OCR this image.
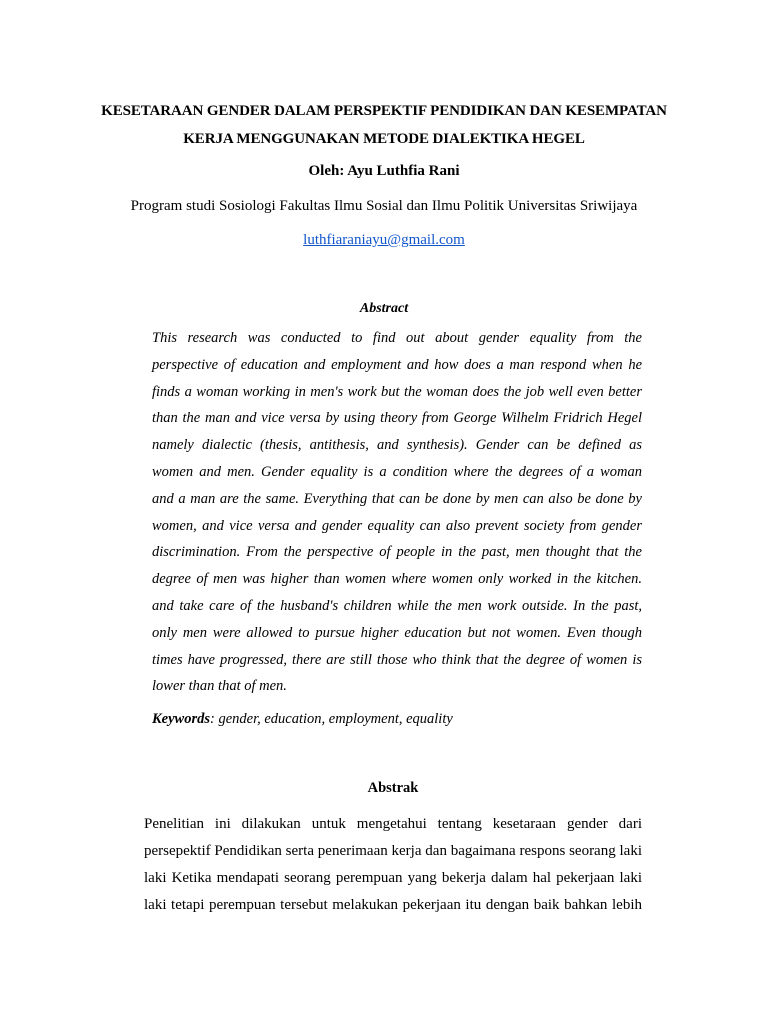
KESETARAAN GENDER DALAM PERSPEKTIF PENDIDIKAN DAN KESEMPATAN
KERJA MENGGUNAKAN METODE DIALEKTIKA HEGEL
Oleh: Ayu Luthfia Rani
Program studi Sosiologi Fakultas Ilmu Sosial dan Ilmu Politik Universitas Sriwijaya
luthfiaraniayu@gmail.com
Abstract
This research was conducted to find out about gender equality from the
perspective of education and employment and how does a man respond when he
finds a woman working in men's work but the woman does the job well even better
than the man and vice versa by using theory from George Wilhelm Fridrich Hegel
namely dialectic (thesis, antithesis, and synthesis). Gender can be defined as
women and men. Gender equality is a condition where the degrees of a woman
and a man are the same. Everything that can be done by men can also be done by
women, and vice versa and gender equality can also prevent society from gender
discrimination. From the perspective of people in the past, men thought that the
degree of men was higher than women where women only worked in the kitchen.
and take care of the husband's children while the men work outside. In the past,
only men were allowed to pursue higher education but not women. Even though
times have progressed, there are still those who think that the degree of women is
lower than that of men.

Keywords: gender, education, employment, equality

Abstrak
Penelitian ini dilakukan untuk mengetahui tentang kesetaraan gender dari
persepektif Pendidikan serta penerimaan kerja dan bagaimana respons seorang laki
laki Ketika mendapati seorang perempuan yang bekerja dalam hal pekerjaan laki
laki tetapi perempuan tersebut melakukan pekerjaan itu dengan baik bahkan lebih
